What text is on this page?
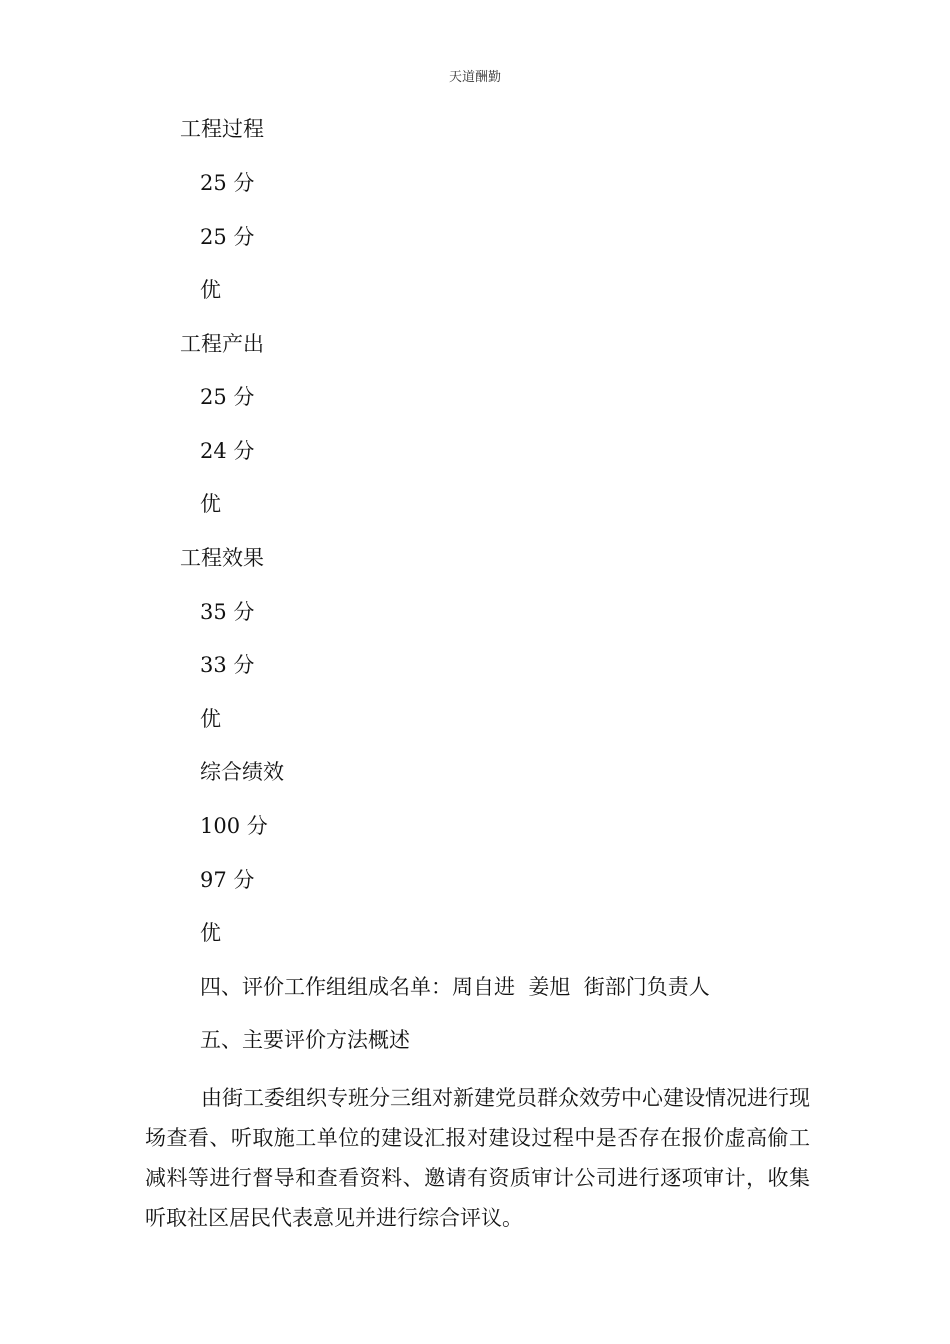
天道酬勤
工程过程
25 分
25 分
优
工程产出
25 分
24 分
优
工程效果
35 分
33 分
优
综合绩效
100 分
97 分
优
四、评价工作组组成名单：周自进  姜旭  街部门负责人
五、主要评价方法概述

由街工委组织专班分三组对新建党员群众效劳中心建设情况进行现场查看、听取施工单位的建设汇报对建设过程中是否存在报价虚高偷工减料等进行督导和查看资料、邀请有资质审计公司进行逐项审计，收集听取社区居民代表意见并进行综合评议。
